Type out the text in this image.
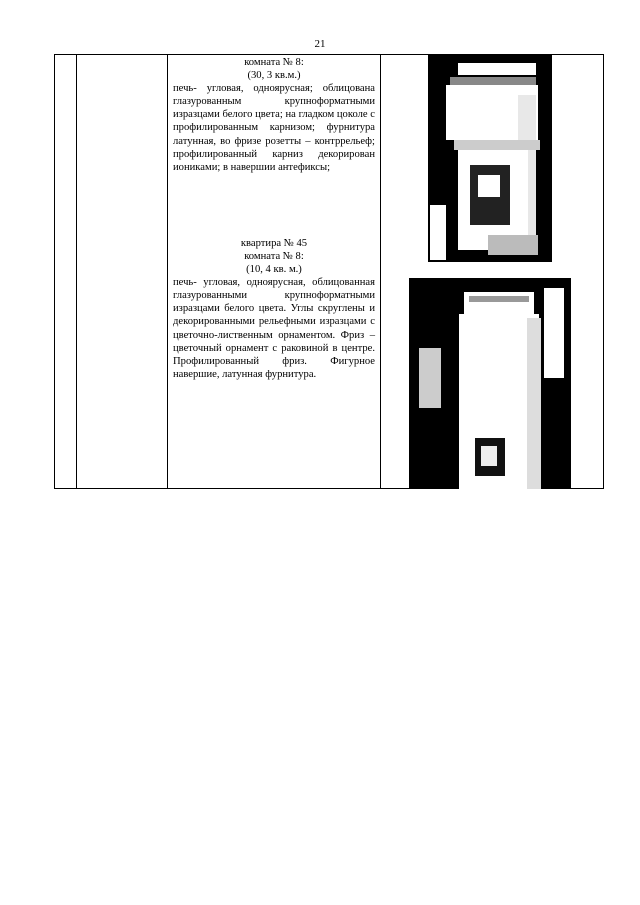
21

комната № 8:
(30, 3 кв.м.)
печь- угловая, одноярусная; облицована глазурованным крупноформатными изразцами белого цвета; на гладком цоколе с профилированным карнизом; фурнитура латунная, во фризе розетты – контррельеф; профилированный карниз декорирован иониками; в навершии антефиксы;
квартира № 45
комната № 8:
(10, 4 кв. м.)
печь- угловая, одноярусная, облицованная глазурованными крупноформатными изразцами белого цвета. Углы скруглены и декорированными рельефными изразцами с цветочно-лиственным орнаментом. Фриз – цветочный орнамент с раковиной в центре. Профилированный фриз. Фигурное навершие, латунная фурнитура.
